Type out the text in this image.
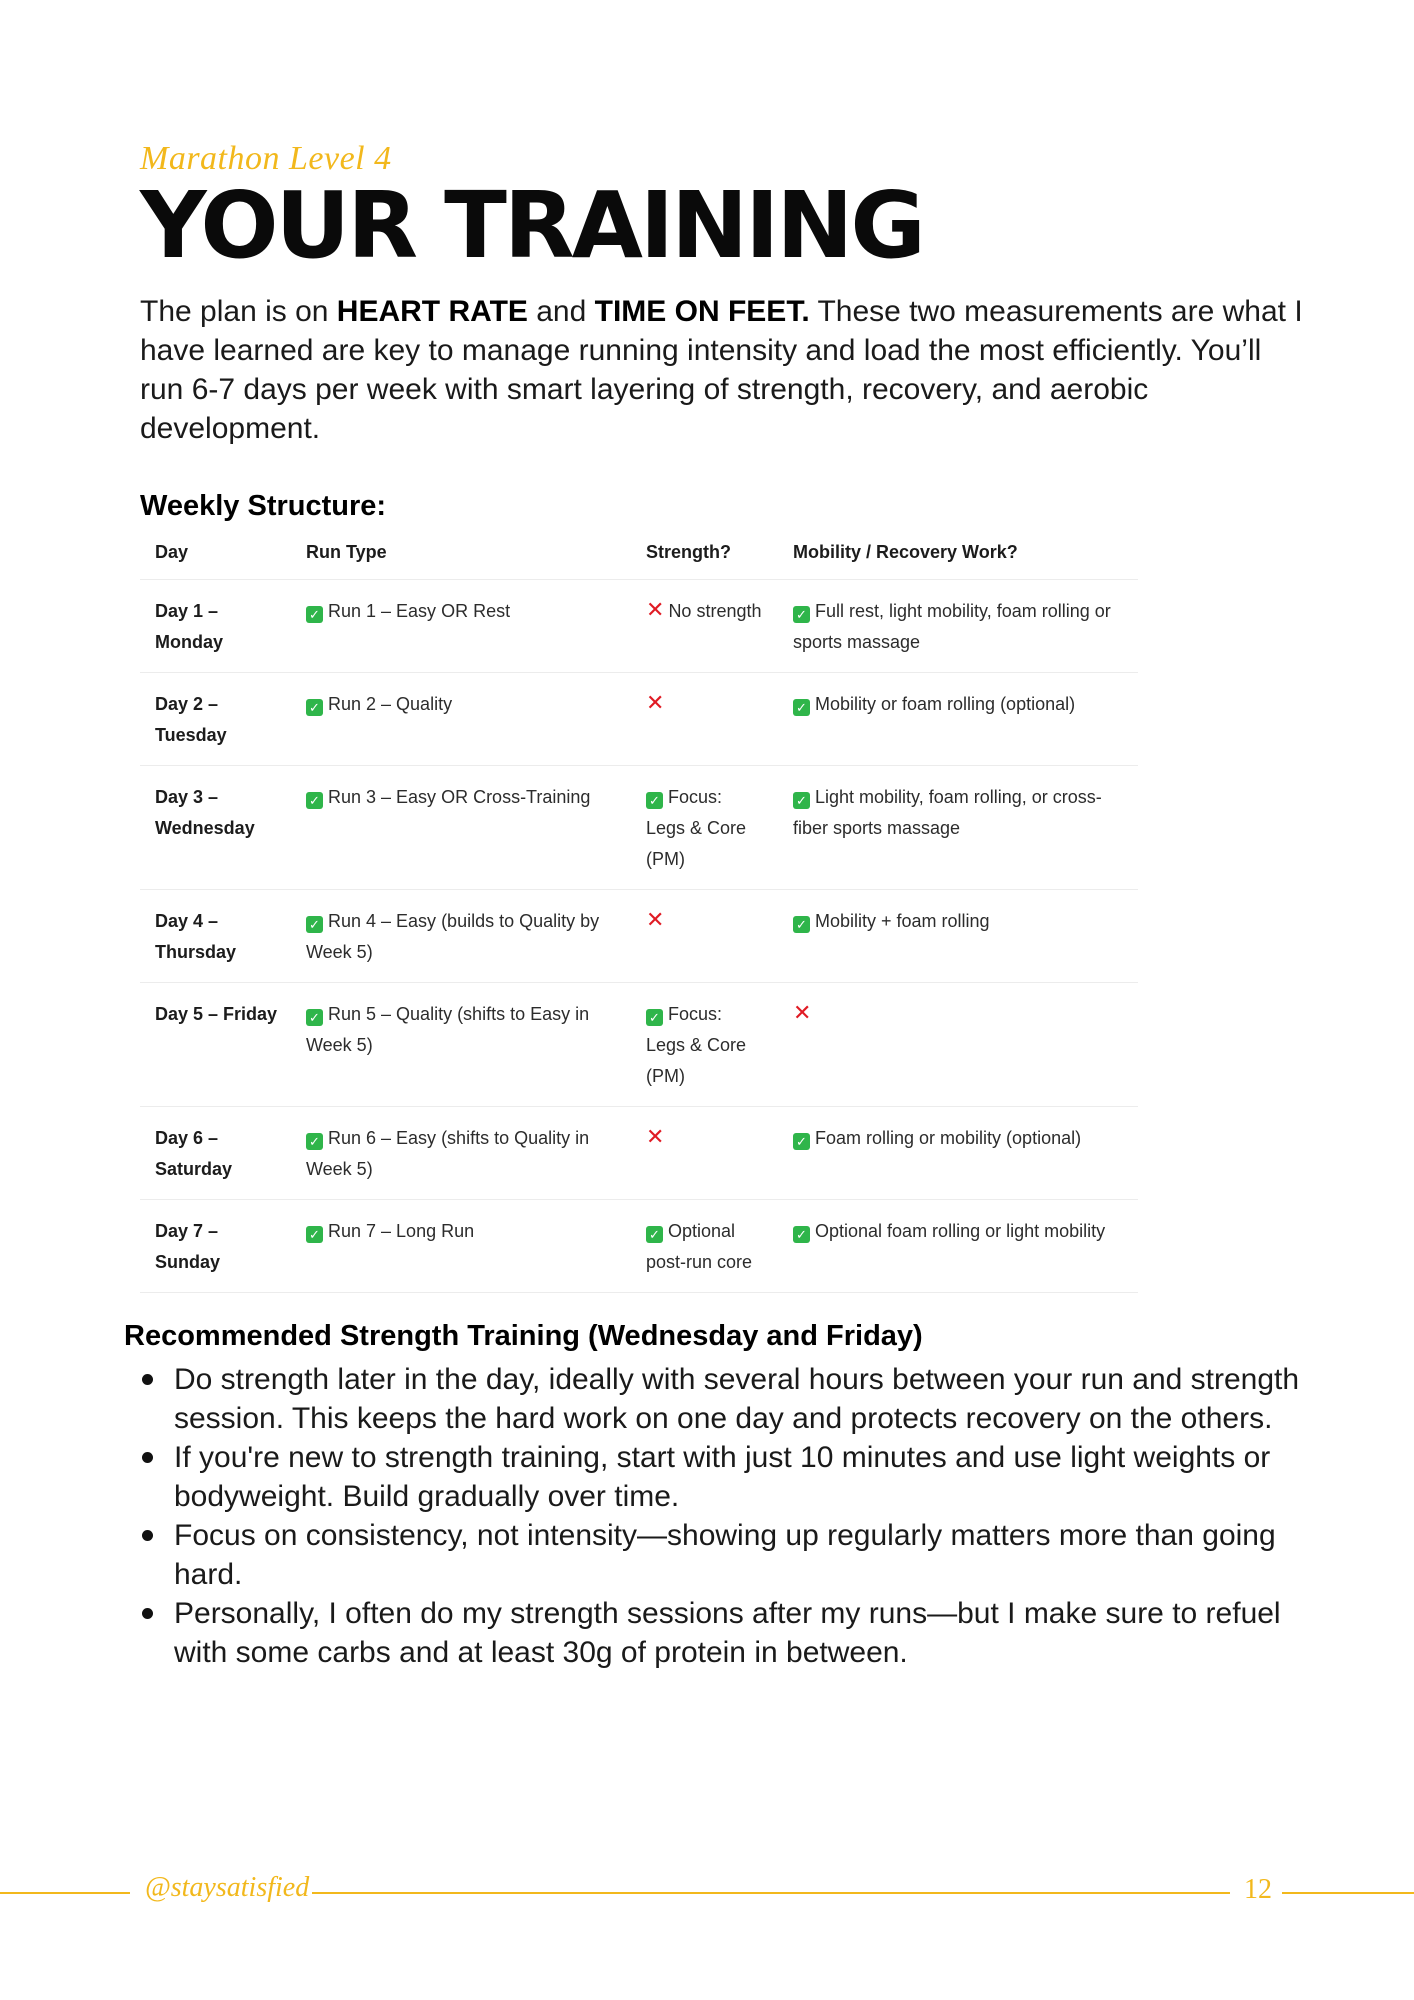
Marathon Level 4
YOUR TRAINING
The plan is on HEART RATE and TIME ON FEET. These two measurements are what I have learned are key to manage running intensity and load the most efficiently. You’ll run 6-7 days per week with smart layering of strength, recovery, and aerobic development.
Weekly Structure:
Day	Run Type	Strength?	Mobility / Recovery Work?
Day 1 – Monday	✓ Run 1 – Easy OR Rest	✕ No strength	✓ Full rest, light mobility, foam rolling or sports massage
Day 2 – Tuesday	✓ Run 2 – Quality	✕	✓ Mobility or foam rolling (optional)
Day 3 – Wednesday	✓ Run 3 – Easy OR Cross-Training	✓ Focus: Legs & Core (PM)	✓ Light mobility, foam rolling, or cross-fiber sports massage
Day 4 – Thursday	✓ Run 4 – Easy (builds to Quality by Week 5)	✕	✓ Mobility + foam rolling
Day 5 – Friday	✓ Run 5 – Quality (shifts to Easy in Week 5)	✓ Focus: Legs & Core (PM)	✕
Day 6 – Saturday	✓ Run 6 – Easy (shifts to Quality in Week 5)	✕	✓ Foam rolling or mobility (optional)
Day 7 – Sunday	✓ Run 7 – Long Run	✓ Optional post-run core	✓ Optional foam rolling or light mobility
Recommended Strength Training (Wednesday and Friday)
Do strength later in the day, ideally with several hours between your run and strength session. This keeps the hard work on one day and protects recovery on the others.
If you're new to strength training, start with just 10 minutes and use light weights or bodyweight. Build gradually over time.
Focus on consistency, not intensity—showing up regularly matters more than going hard.
Personally, I often do my strength sessions after my runs—but I make sure to refuel with some carbs and at least 30g of protein in between.
@staysatisfied	12
